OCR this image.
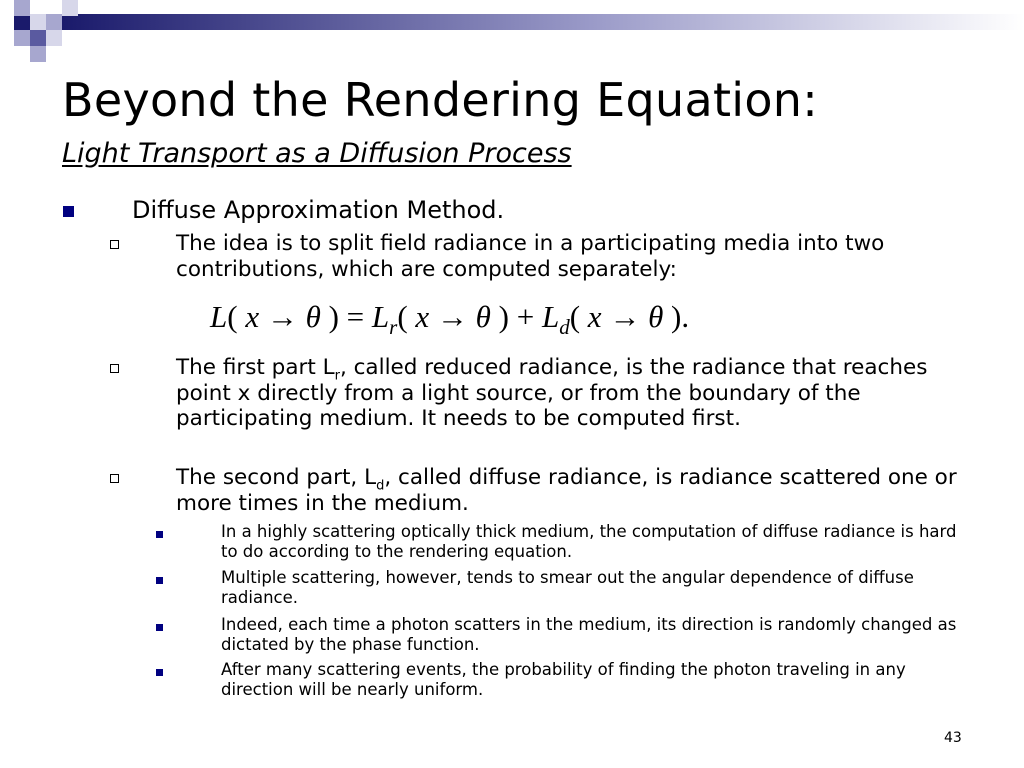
Beyond the Rendering Equation:
Light Transport as a Diffusion Process
Diffuse Approximation Method.
The idea is to split field radiance in a participating media into two contributions, which are computed separately:
L( x → θ ) = $L_r$( x → θ ) + $L_d$( x → θ ).
The first part $L_r$, called reduced radiance, is the radiance that reaches point x directly from a light source, or from the boundary of the participating medium. It needs to be computed first.
The second part, $L_d$, called diffuse radiance, is radiance scattered one or more times in the medium.
In a highly scattering optically thick medium, the computation of diffuse radiance is hard to do according to the rendering equation.
Multiple scattering, however, tends to smear out the angular dependence of diffuse radiance.
Indeed, each time a photon scatters in the medium, its direction is randomly changed as dictated by the phase function.
After many scattering events, the probability of finding the photon traveling in any direction will be nearly uniform.
43
